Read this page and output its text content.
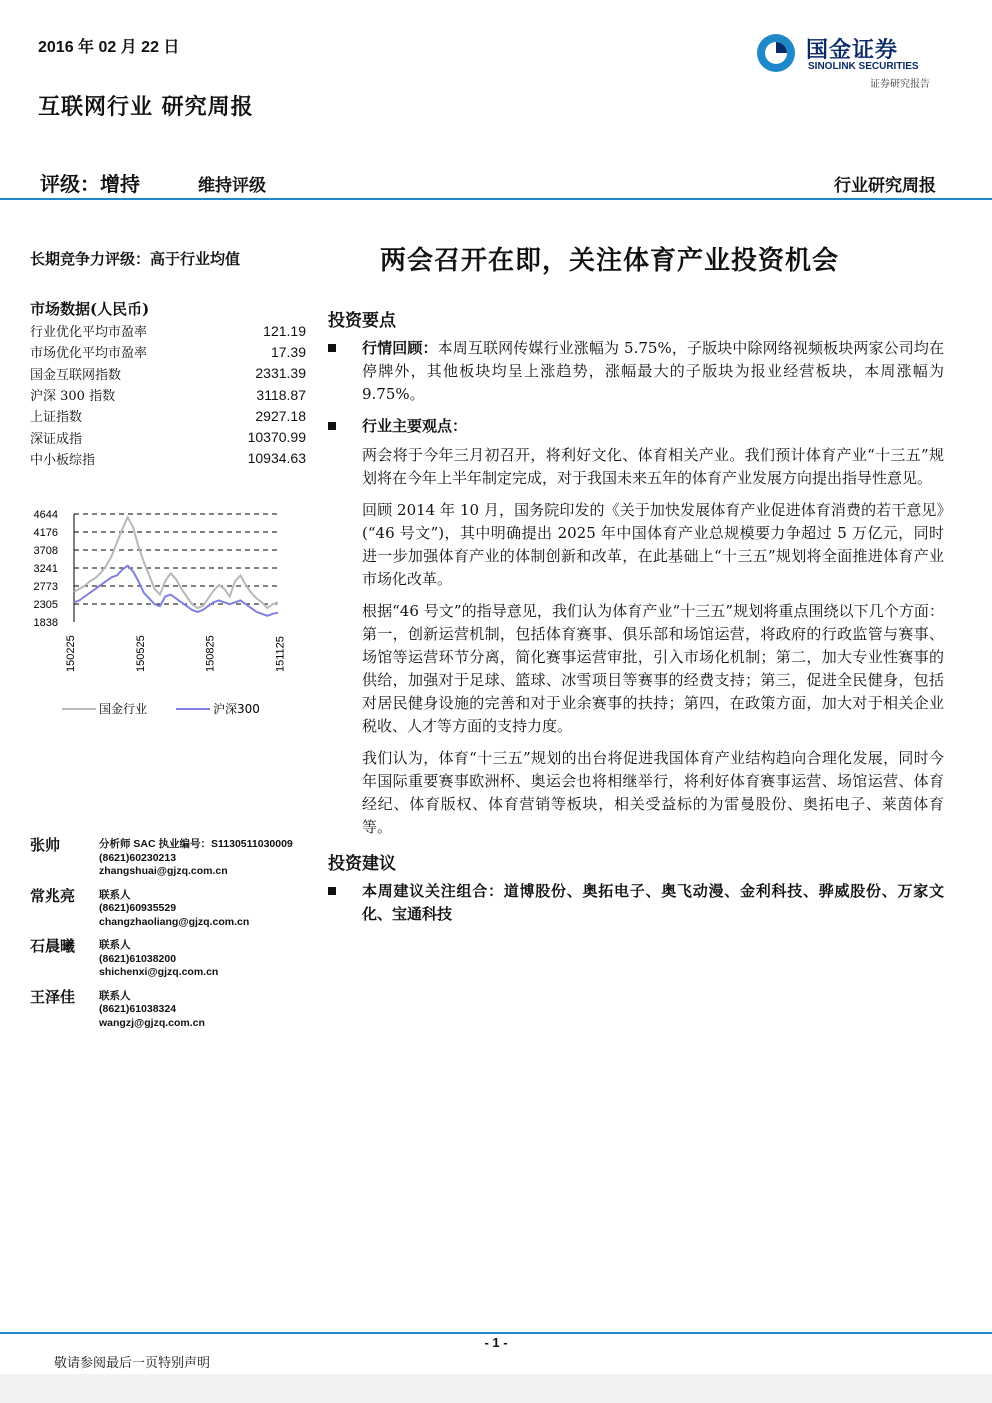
2016 年 02 月 22 日	国金证券
SINOLINK SECURITIES
证券研究报告
互联网行业 研究周报
评级：增持	维持评级	行业研究周报
长期竞争力评级：高于行业均值	两会召开在即，关注体育产业投资机会
市场数据(人民币)
行业优化平均市盈率	121.19
市场优化平均市盈率	17.39
国金互联网指数	2331.39
沪深 300 指数	3118.87
上证指数	2927.18
深证成指	10370.99
中小板综指	10934.63
4644
4176
3708
3241
2773
2305
1838
150225	150525	150825	151125
国金行业	沪深300
张帅	分析师 SAC 执业编号：S1130511030009
(8621)60230213
zhangshuai@gjzq.com.cn
常兆亮 联系人
(8621)60935529
changzhaoliang@gjzq.com.cn
石晨曦 联系人
(8621)61038200
shichenxi@gjzq.com.cn
王泽佳 联系人
(8621)61038324
wangzj@gjzq.com.cn
投资要点
行情回顾：本周互联网传媒行业涨幅为 5.75%，子版块中除网络视频板块两家公司均在停牌外，其他板块均呈上涨趋势，涨幅最大的子版块为报业经营板块，本周涨幅为 9.75%。
行业主要观点：
两会将于今年三月初召开，将利好文化、体育相关产业。我们预计体育产业“十三五”规划将在今年上半年制定完成，对于我国未来五年的体育产业发展方向提出指导性意见。
回顾 2014 年 10 月，国务院印发的《关于加快发展体育产业促进体育消费的若干意见》(“46 号文”)，其中明确提出 2025 年中国体育产业总规模要力争超过 5 万亿元，同时进一步加强体育产业的体制创新和改革，在此基础上“十三五”规划将全面推进体育产业市场化改革。
根据“46 号文”的指导意见，我们认为体育产业“十三五”规划将重点围绕以下几个方面：第一，创新运营机制，包括体育赛事、俱乐部和场馆运营，将政府的行政监管与赛事、场馆等运营环节分离，简化赛事运营审批，引入市场化机制；第二，加大专业性赛事的供给，加强对于足球、篮球、冰雪项目等赛事的经费支持；第三，促进全民健身，包括对居民健身设施的完善和对于业余赛事的扶持；第四，在政策方面，加大对于相关企业税收、人才等方面的支持力度。
我们认为，体育“十三五”规划的出台将促进我国体育产业结构趋向合理化发展，同时今年国际重要赛事欧洲杯、奥运会也将相继举行，将利好体育赛事运营、场馆运营、体育经纪、体育版权、体育营销等板块，相关受益标的为雷曼股份、奥拓电子、莱茵体育等。
投资建议
本周建议关注组合：道博股份、奥拓电子、奥飞动漫、金利科技、骅威股份、万家文化、宝通科技
- 1 -
敬请参阅最后一页特别声明
